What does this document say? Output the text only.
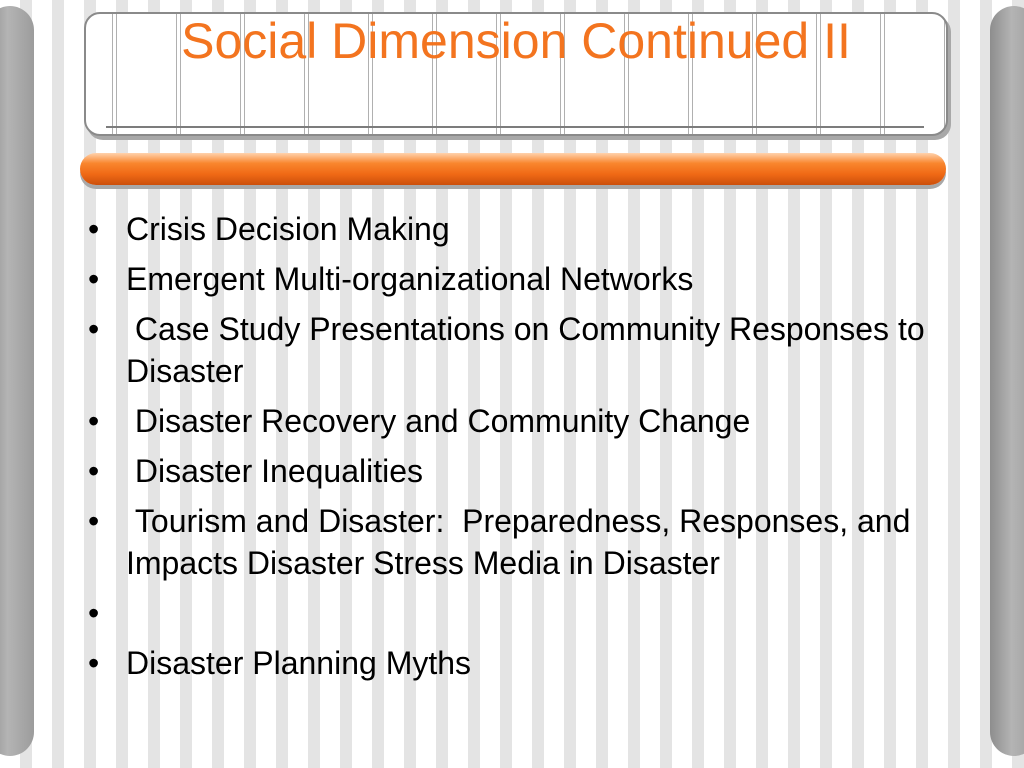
Social Dimension Continued II
• Crisis Decision Making
• Emergent Multi-organizational Networks
•  Case Study Presentations on Community Responses to Disaster
•  Disaster Recovery and Community Change
•  Disaster Inequalities
•  Tourism and Disaster:  Preparedness, Responses, and Impacts Disaster Stress Media in Disaster
•
• Disaster Planning Myths
